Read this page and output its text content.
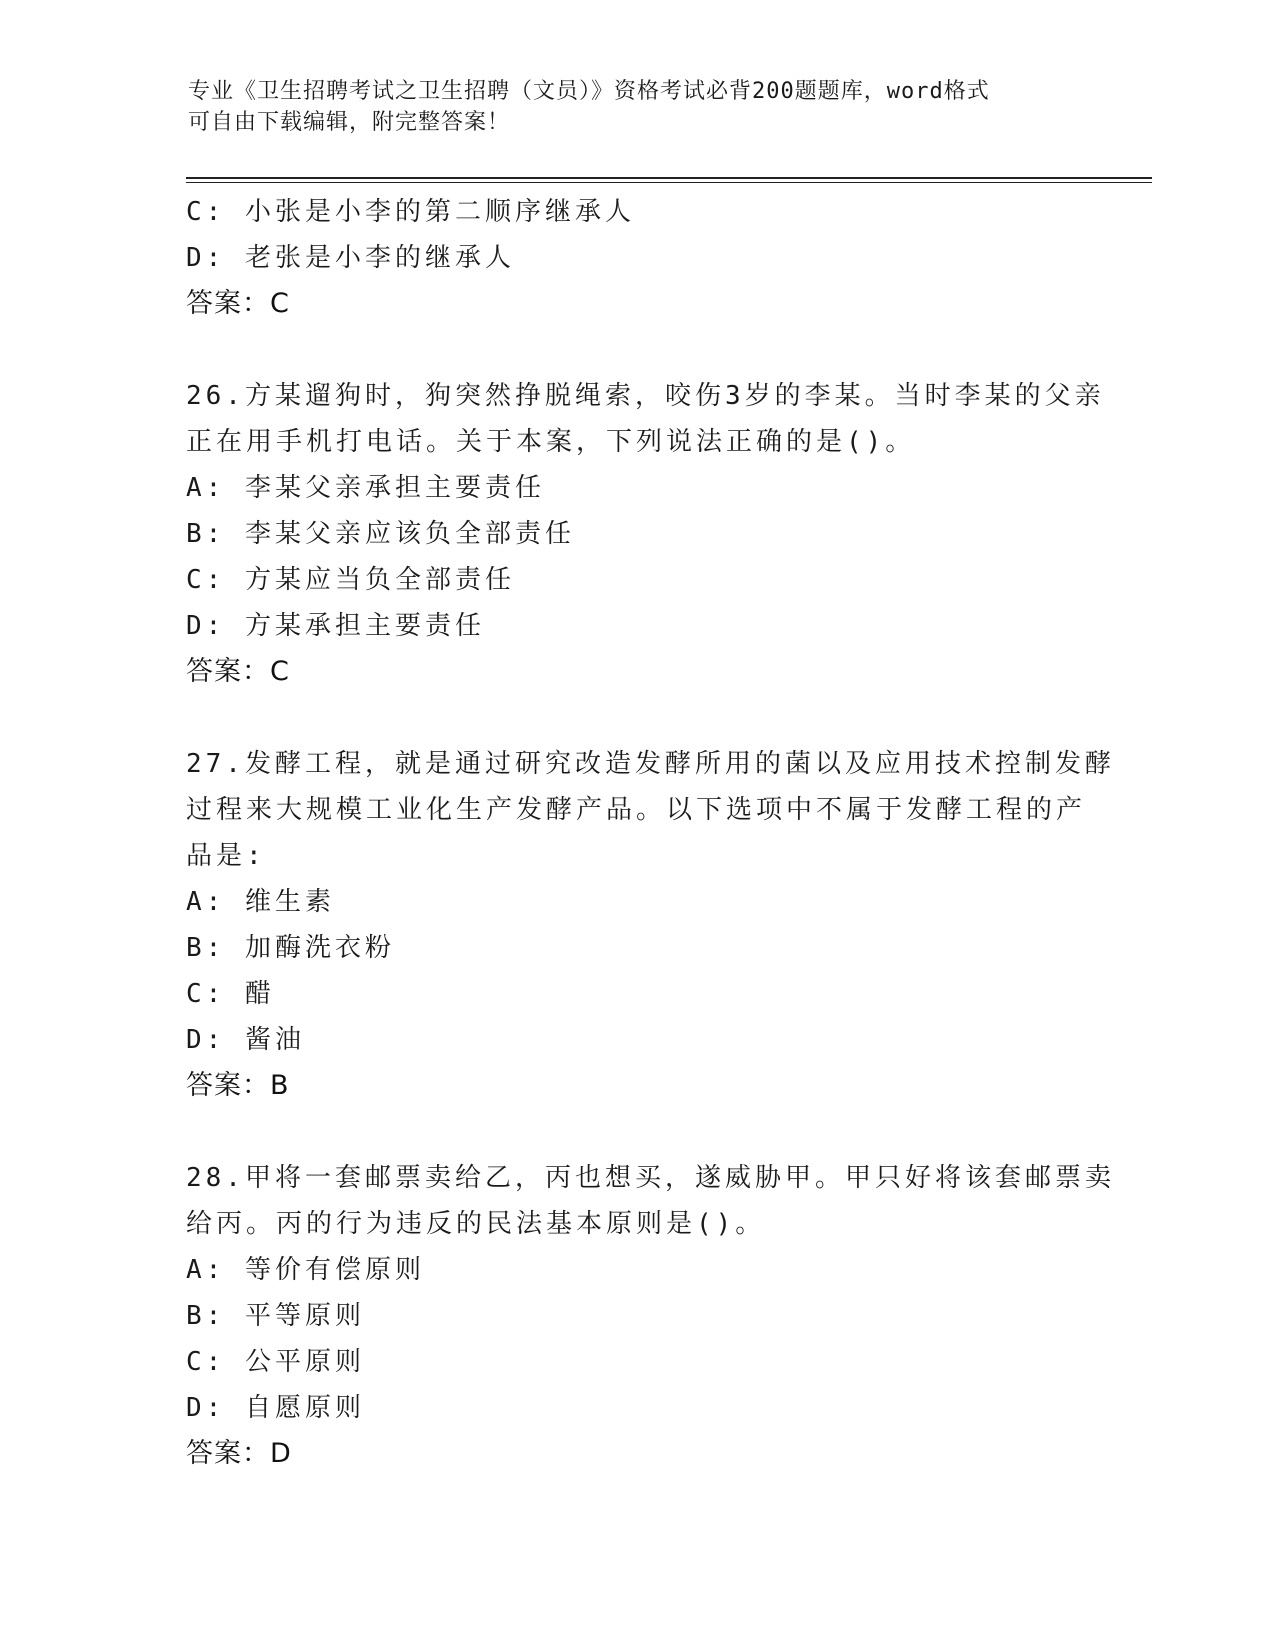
专业《卫生招聘考试之卫生招聘（文员）》资格考试必背200题题库，word格式
可自由下载编辑，附完整答案！
C: 小张是小李的第二顺序继承人
D: 老张是小李的继承人
答案：C
26.方某遛狗时，狗突然挣脱绳索，咬伤3岁的李某。当时李某的父亲
正在用手机打电话。关于本案，下列说法正确的是()。
A: 李某父亲承担主要责任
B: 李某父亲应该负全部责任
C: 方某应当负全部责任
D: 方某承担主要责任
答案：C
27.发酵工程，就是通过研究改造发酵所用的菌以及应用技术控制发酵
过程来大规模工业化生产发酵产品。以下选项中不属于发酵工程的产
品是:
A: 维生素
B: 加酶洗衣粉
C: 醋
D: 酱油
答案：B
28.甲将一套邮票卖给乙，丙也想买，遂威胁甲。甲只好将该套邮票卖
给丙。丙的行为违反的民法基本原则是()。
A: 等价有偿原则
B: 平等原则
C: 公平原则
D: 自愿原则
答案：D
